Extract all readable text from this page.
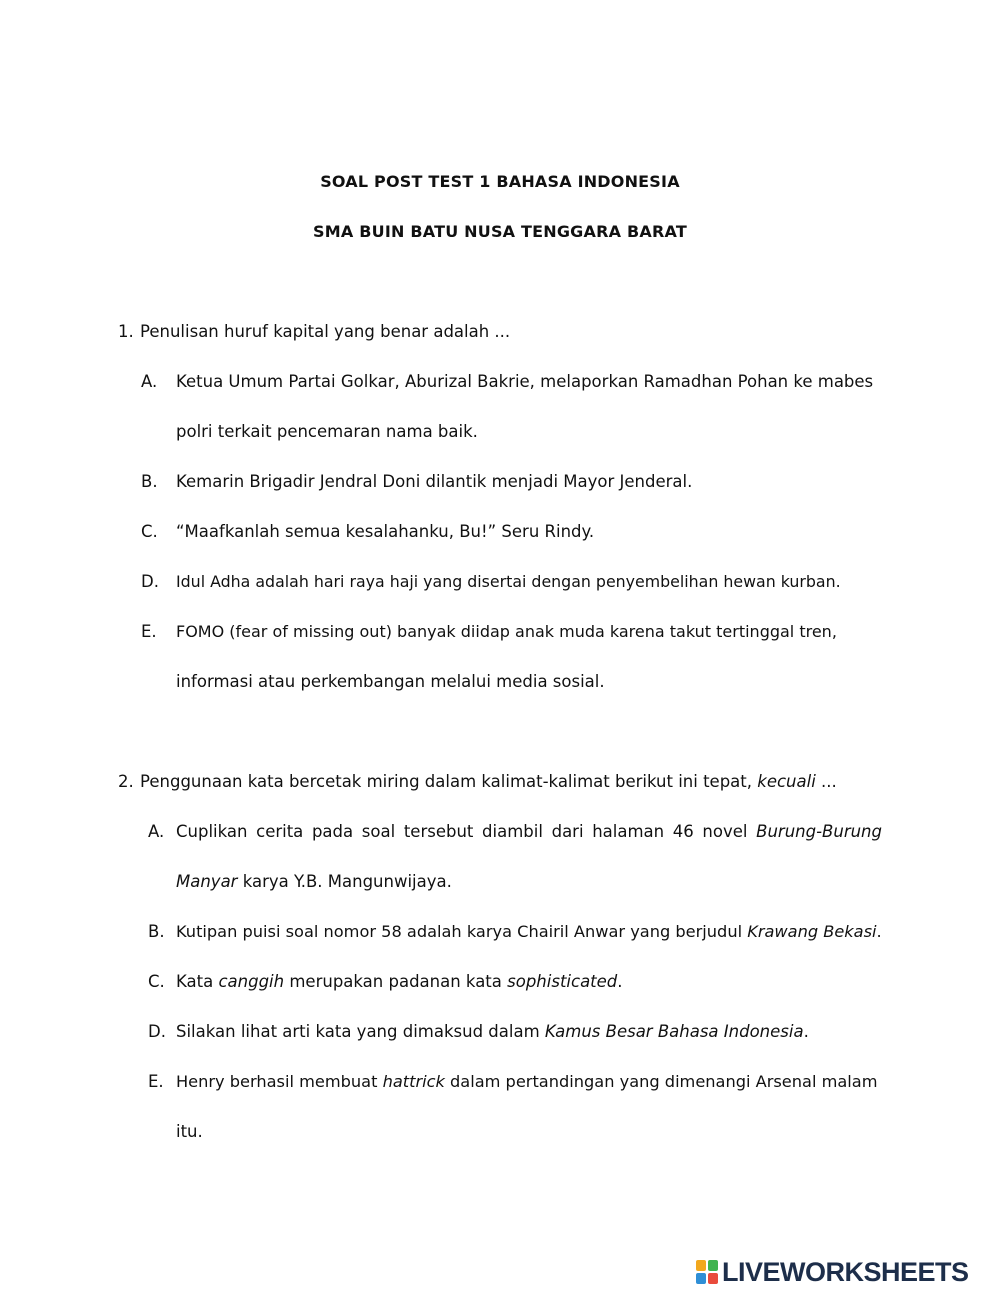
SOAL POST TEST 1 BAHASA INDONESIA
SMA BUIN BATU NUSA TENGGARA BARAT
1. Penulisan huruf kapital yang benar adalah ...
A. Ketua Umum Partai Golkar, Aburizal Bakrie, melaporkan Ramadhan Pohan ke mabes
polri terkait pencemaran nama baik.
B. Kemarin Brigadir Jendral Doni dilantik menjadi Mayor Jenderal.
C. “Maafkanlah semua kesalahanku, Bu!” Seru Rindy.
D. Idul Adha adalah hari raya haji yang disertai dengan penyembelihan hewan kurban.
E. FOMO (fear of missing out) banyak diidap anak muda karena takut tertinggal tren,
informasi atau perkembangan melalui media sosial.
2. Penggunaan kata bercetak miring dalam kalimat-kalimat berikut ini tepat, kecuali ...
A. Cuplikan cerita pada soal tersebut diambil dari halaman 46 novel Burung-Burung
Manyar karya Y.B. Mangunwijaya.
B. Kutipan puisi soal nomor 58 adalah karya Chairil Anwar yang berjudul Krawang Bekasi.
C. Kata canggih merupakan padanan kata sophisticated.
D. Silakan lihat arti kata yang dimaksud dalam Kamus Besar Bahasa Indonesia.
E. Henry berhasil membuat hattrick dalam pertandingan yang dimenangi Arsenal malam
itu.
LIVEWORKSHEETS
